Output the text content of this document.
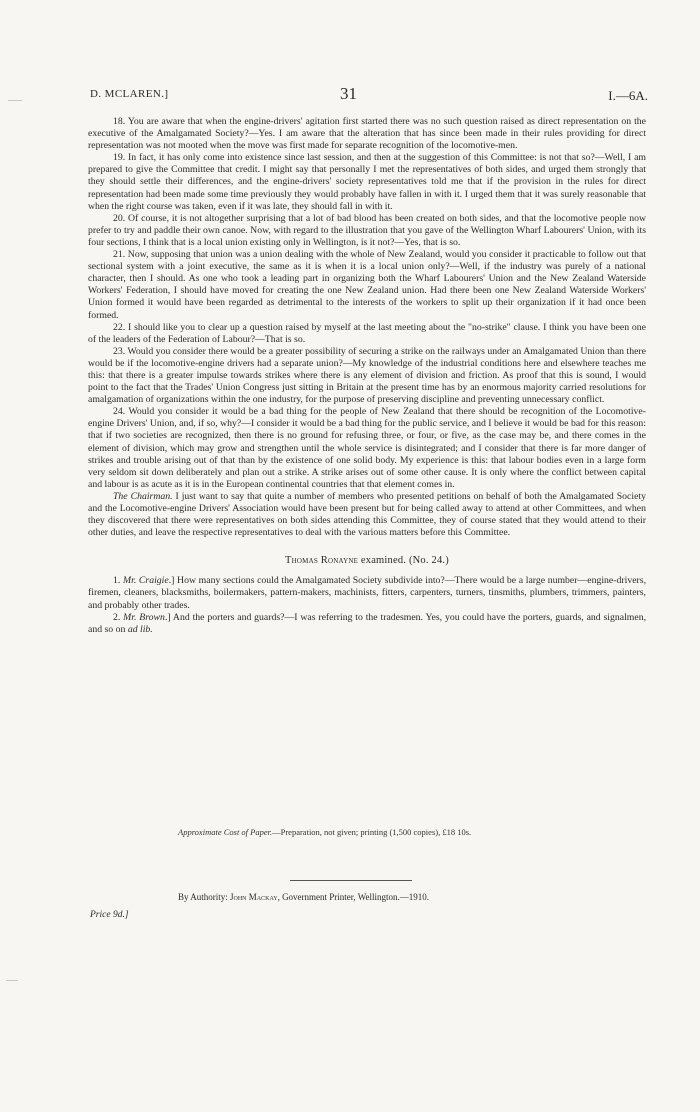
D. MCLAREN.]	31	I.—6A.

18. You are aware that when the engine-drivers' agitation first started there was no such question raised as direct representation on the executive of the Amalgamated Society?—Yes. I am aware that the alteration that has since been made in their rules providing for direct representation was not mooted when the move was first made for separate recognition of the locomotive-men.

19. In fact, it has only come into existence since last session, and then at the suggestion of this Committee: is not that so?—Well, I am prepared to give the Committee that credit. I might say that personally I met the representatives of both sides, and urged them strongly that they should settle their differences, and the engine-drivers' society representatives told me that if the provision in the rules for direct representation had been made some time previously they would probably have fallen in with it. I urged them that it was surely reasonable that when the right course was taken, even if it was late, they should fall in with it.

20. Of course, it is not altogether surprising that a lot of bad blood has been created on both sides, and that the locomotive people now prefer to try and paddle their own canoe. Now, with regard to the illustration that you gave of the Wellington Wharf Labourers' Union, with its four sections, I think that is a local union existing only in Wellington, is it not?—Yes, that is so.

21. Now, supposing that union was a union dealing with the whole of New Zealand, would you consider it practicable to follow out that sectional system with a joint executive, the same as it is when it is a local union only?—Well, if the industry was purely of a national character, then I should. As one who took a leading part in organizing both the Wharf Labourers' Union and the New Zealand Waterside Workers' Federation, I should have moved for creating the one New Zealand union. Had there been one New Zealand Waterside Workers' Union formed it would have been regarded as detrimental to the interests of the workers to split up their organization if it had once been formed.

22. I should like you to clear up a question raised by myself at the last meeting about the "no-strike" clause. I think you have been one of the leaders of the Federation of Labour?—That is so.

23. Would you consider there would be a greater possibility of securing a strike on the railways under an Amalgamated Union than there would be if the locomotive-engine drivers had a separate union?—My knowledge of the industrial conditions here and elsewhere teaches me this: that there is a greater impulse towards strikes where there is any element of division and friction. As proof that this is sound, I would point to the fact that the Trades' Union Congress just sitting in Britain at the present time has by an enormous majority carried resolutions for amalgamation of organizations within the one industry, for the purpose of preserving discipline and preventing unnecessary conflict.

24. Would you consider it would be a bad thing for the people of New Zealand that there should be recognition of the Locomotive-engine Drivers' Union, and, if so, why?—I consider it would be a bad thing for the public service, and I believe it would be bad for this reason: that if two societies are recognized, then there is no ground for refusing three, or four, or five, as the case may be, and there comes in the element of division, which may grow and strengthen until the whole service is disintegrated; and I consider that there is far more danger of strikes and trouble arising out of that than by the existence of one solid body. My experience is this: that labour bodies even in a large form very seldom sit down deliberately and plan out a strike. A strike arises out of some other cause. It is only where the conflict between capital and labour is as acute as it is in the European continental countries that that element comes in.

The Chairman. I just want to say that quite a number of members who presented petitions on behalf of both the Amalgamated Society and the Locomotive-engine Drivers' Association would have been present but for being called away to attend at other Committees, and when they discovered that there were representatives on both sides attending this Committee, they of course stated that they would attend to their other duties, and leave the respective representatives to deal with the various matters before this Committee.

Thomas Ronayne examined. (No. 24.)

1. Mr. Craigie.] How many sections could the Amalgamated Society subdivide into?—There would be a large number—engine-drivers, firemen, cleaners, blacksmiths, boilermakers, pattern-makers, machinists, fitters, carpenters, turners, tinsmiths, plumbers, trimmers, painters, and probably other trades.

2. Mr. Brown.] And the porters and guards?—I was referring to the tradesmen. Yes, you could have the porters, guards, and signalmen, and so on ad lib.

Approximate Cost of Paper.—Preparation, not given; printing (1,500 copies), £18 10s.
By Authority: John Mackay, Government Printer, Wellington.—1910.
Price 9d.]
